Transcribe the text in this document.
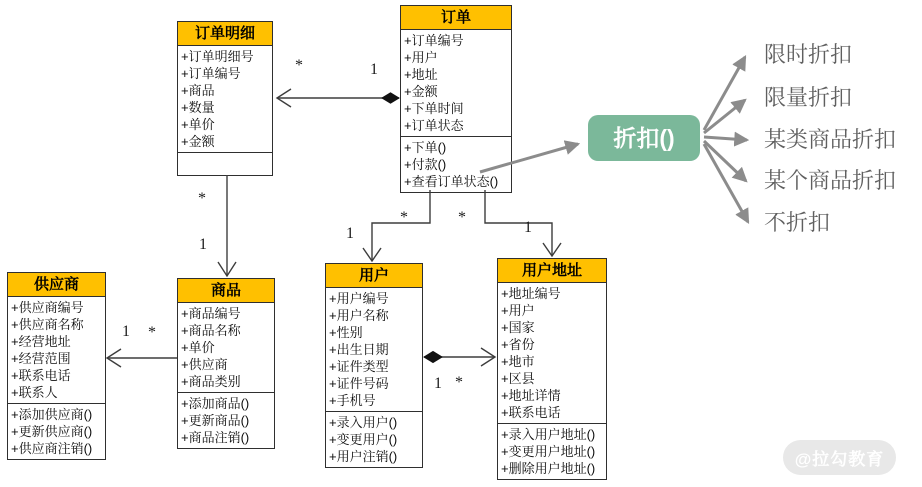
订单明细
+订单明细号
+订单编号
+商品
+数量
+单价
+金额
订单
+订单编号
+用户
+地址
+金额
+下单时间
+订单状态
+下单()
+付款()
+查看订单状态()
供应商
+供应商编号
+供应商名称
+经营地址
+经营范围
+联系电话
+联系人
+添加供应商()
+更新供应商()
+供应商注销()
商品
+商品编号
+商品名称
+单价
+供应商
+商品类别
+添加商品()
+更新商品()
+商品注销()
用户
+用户编号
+用户名称
+性别
+出生日期
+证件类型
+证件号码
+手机号
+录入用户()
+变更用户()
+用户注销()
用户地址
+地址编号
+用户
+国家
+省份
+地市
+区县
+地址详情
+联系电话
+录入用户地址()
+变更用户地址()
+删除用户地址()
*	1
*
1
*
1
*
1
1 *
1 *
折扣()
限时折扣
限量折扣
某类商品折扣
某个商品折扣
不折扣
@拉勾教育
